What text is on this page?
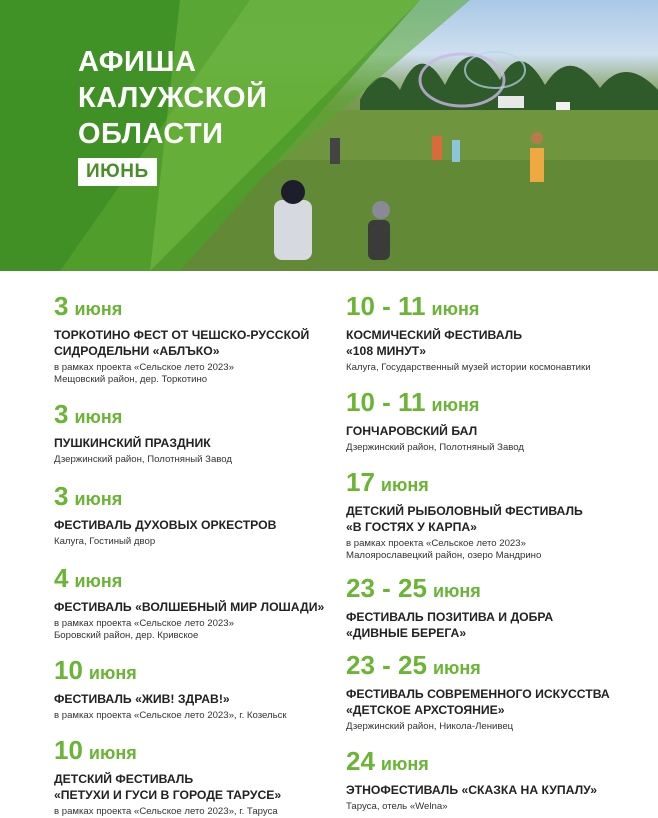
АФИША
КАЛУЖСКОЙ
ОБЛАСТИ
ИЮНЬ
3 июня
ТОРКОТИНО ФЕСТ ОТ ЧЕШСКО-РУССКОЙ
СИДРОДЕЛЬНИ «АБЛЪКО»
в рамках проекта «Сельское лето 2023»
Мещовский район, дер. Торкотино
3 июня
ПУШКИНСКИЙ ПРАЗДНИК
Дзержинский район, Полотняный Завод
3 июня
ФЕСТИВАЛЬ ДУХОВЫХ ОРКЕСТРОВ
Калуга, Гостиный двор
4 июня
ФЕСТИВАЛЬ «ВОЛШЕБНЫЙ МИР ЛОШАДИ»
в рамках проекта «Сельское лето 2023»
Боровский район, дер. Кривское
10 июня
ФЕСТИВАЛЬ «ЖИВ! ЗДРАВ!»
в рамках проекта «Сельское лето 2023», г. Козельск
10 июня
ДЕТСКИЙ ФЕСТИВАЛЬ
«ПЕТУХИ И ГУСИ В ГОРОДЕ ТАРУСЕ»
в рамках проекта «Сельское лето 2023», г. Таруса
10 - 11 июня
КОСМИЧЕСКИЙ ФЕСТИВАЛЬ
«108 МИНУТ»
Калуга, Государственный музей истории космонавтики
10 - 11 июня
ГОНЧАРОВСКИЙ БАЛ
Дзержинский район, Полотняный Завод
17 июня
ДЕТСКИЙ РЫБОЛОВНЫЙ ФЕСТИВАЛЬ
«В ГОСТЯХ У КАРПА»
в рамках проекта «Сельское лето 2023»
Малоярославецкий район, озеро Мандрино
23 - 25 июня
ФЕСТИВАЛЬ ПОЗИТИВА И ДОБРА
«ДИВНЫЕ БЕРЕГА»
23 - 25 июня
ФЕСТИВАЛЬ СОВРЕМЕННОГО ИСКУССТВА
«ДЕТСКОЕ АРХСТОЯНИЕ»
Дзержинский район, Никола-Ленивец
24 июня
ЭТНОФЕСТИВАЛЬ «СКАЗКА НА КУПАЛУ»
Таруса, отель «Welna»
